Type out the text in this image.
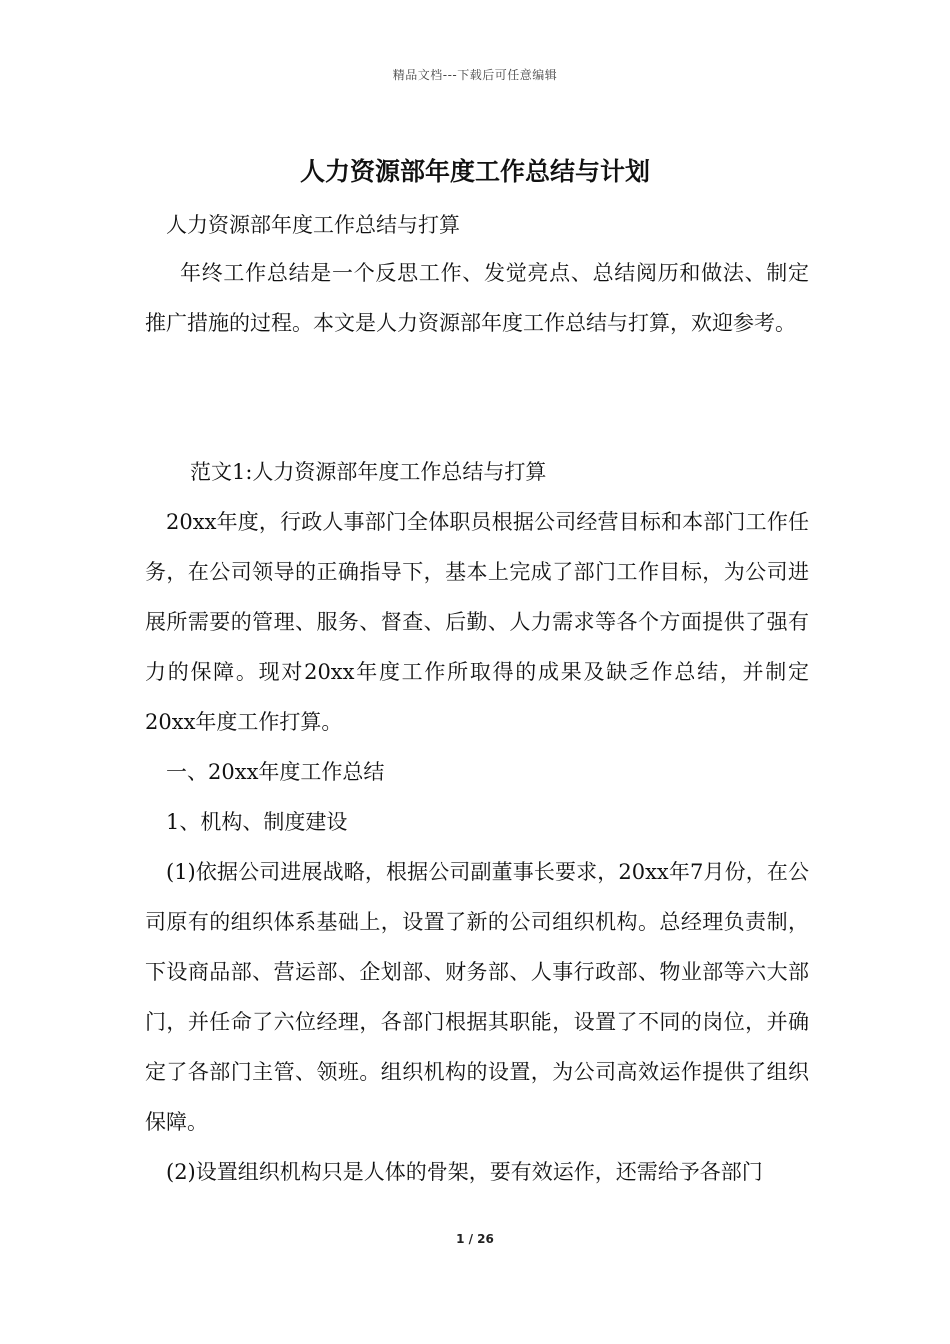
精品文档---下载后可任意编辑
人力资源部年度工作总结与计划

人力资源部年度工作总结与打算

年终工作总结是一个反思工作、发觉亮点、总结阅历和做法、制定推广措施的过程。本文是人力资源部年度工作总结与打算，欢迎参考。

范文1:人力资源部年度工作总结与打算

20xx年度，行政人事部门全体职员根据公司经营目标和本部门工作任务，在公司领导的正确指导下，基本上完成了部门工作目标，为公司进展所需要的管理、服务、督查、后勤、人力需求等各个方面提供了强有力的保障。现对20xx年度工作所取得的成果及缺乏作总结，并制定20xx年度工作打算。

一、20xx年度工作总结

1、机构、制度建设

(1)依据公司进展战略，根据公司副董事长要求，20xx年7月份，在公司原有的组织体系基础上，设置了新的公司组织机构。总经理负责制，下设商品部、营运部、企划部、财务部、人事行政部、物业部等六大部门，并任命了六位经理，各部门根据其职能，设置了不同的岗位，并确定了各部门主管、领班。组织机构的设置，为公司高效运作提供了组织保障。

(2)设置组织机构只是人体的骨架，要有效运作，还需给予各部门

1 / 26
